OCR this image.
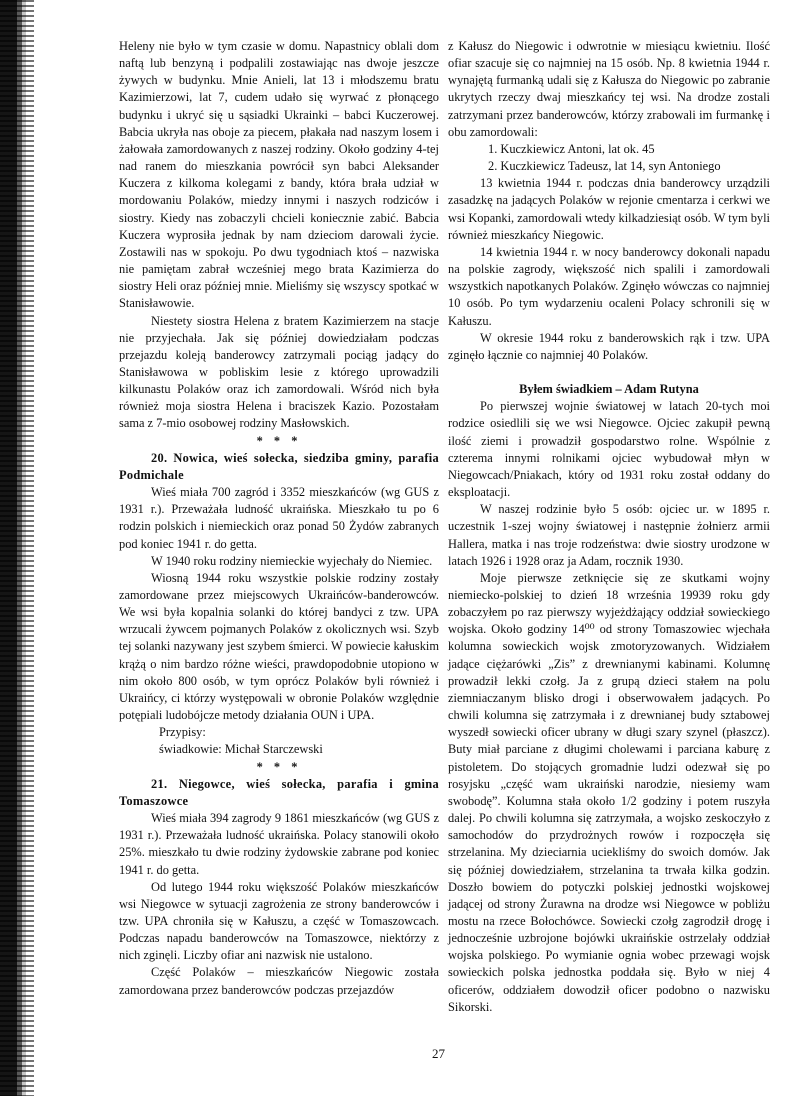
Heleny nie było w tym czasie w domu. Napastnicy oblali dom naftą lub benzyną i podpalili zostawiając nas dwoje jeszcze żywych w budynku. Mnie Anieli, lat 13 i młodszemu bratu Kazimierzowi, lat 7, cudem udało się wyrwać z płonącego budynku i ukryć się u sąsiadki Ukrainki – babci Kuczerowej. Babcia ukryła nas oboje za piecem, płakała nad naszym losem i żałowała zamordowanych z naszej rodziny. Około godziny 4-tej nad ranem do mieszkania powrócił syn babci Aleksander Kuczera z kilkoma kolegami z bandy, która brała udział w mordowaniu Polaków, miedzy innymi i naszych rodziców i siostry. Kiedy nas zobaczyli chcieli koniecznie zabić. Babcia Kuczera wyprosiła jednak by nam dzieciom darowali życie. Zostawili nas w spokoju. Po dwu tygodniach ktoś – nazwiska nie pamiętam zabrał wcześniej mego brata Kazimierza do siostry Heli oraz później mnie. Mieliśmy się wszyscy spotkać w Stanisławowie.

Niestety siostra Helena z bratem Kazimierzem na stacje nie przyjechała. Jak się później dowiedziałam podczas przejazdu koleją banderowcy zatrzymali pociąg jadący do Stanisławowa w pobliskim lesie z którego uprowadzili kilkunastu Polaków oraz ich zamordowali. Wśród nich była również moja siostra Helena i braciszek Kazio. Pozostałam sama z 7-mio osobowej rodziny Masłowskich.

* * *

20. Nowica, wieś sołecka, siedziba gminy, parafia Podmichale

Wieś miała 700 zagród i 3352 mieszkańców (wg GUS z 1931 r.). Przeważała ludność ukraińska. Mieszkało tu po 6 rodzin polskich i niemieckich oraz ponad 50 Żydów zabranych pod koniec 1941 r. do getta.

W 1940 roku rodziny niemieckie wyjechały do Niemiec.

Wiosną 1944 roku wszystkie polskie rodziny zostały zamordowane przez miejscowych Ukraińców-banderowców. We wsi była kopalnia solanki do której bandyci z tzw. UPA wrzucali żywcem pojmanych Polaków z okolicznych wsi. Szyb tej solanki nazywany jest szybem śmierci. W powiecie kałuskim krążą o nim bardzo różne wieści, prawdopodobnie utopiono w nim około 800 osób, w tym oprócz Polaków byli również i Ukraińcy, ci którzy występowali w obronie Polaków względnie potępiali ludobójcze metody działania OUN i UPA.

Przypisy:

świadkowie: Michał Starczewski

* * *

21. Niegowce, wieś sołecka, parafia i gmina Tomaszowce

Wieś miała 394 zagrody 9 1861 mieszkańców (wg GUS z 1931 r.). Przeważała ludność ukraińska. Polacy stanowili około 25%. mieszkało tu dwie rodziny żydowskie zabrane pod koniec 1941 r. do getta.

Od lutego 1944 roku większość Polaków mieszkańców wsi Niegowce w sytuacji zagrożenia ze strony banderowców i tzw. UPA chroniła się w Kałuszu, a część w Tomaszowcach. Podczas napadu banderowców na Tomaszowce, niektórzy z nich zginęli. Liczby ofiar ani nazwisk nie ustalono.

Część Polaków – mieszkańców Niegowic została zamordowana przez banderowców podczas przejazdów

z Kałusz do Niegowic i odwrotnie w miesiącu kwietniu. Ilość ofiar szacuje się co najmniej na 15 osób. Np. 8 kwietnia 1944 r. wynajętą furmanką udali się z Kałusza do Niegowic po zabranie ukrytych rzeczy dwaj mieszkańcy tej wsi. Na drodze zostali zatrzymani przez banderowców, którzy zrabowali im furmankę i obu zamordowali:

1. Kuczkiewicz Antoni, lat ok. 45

2. Kuczkiewicz Tadeusz, lat 14, syn Antoniego

13 kwietnia 1944 r. podczas dnia banderowcy urządzili zasadzkę na jadących Polaków w rejonie cmentarza i cerkwi we wsi Kopanki, zamordowali wtedy kilkadziesiąt osób. W tym byli również mieszkańcy Niegowic.

14 kwietnia 1944 r. w nocy banderowcy dokonali napadu na polskie zagrody, większość nich spalili i zamordowali wszystkich napotkanych Polaków. Zginęło wówczas co najmniej 10 osób. Po tym wydarzeniu ocaleni Polacy schronili się w Kałuszu.

W okresie 1944 roku z banderowskich rąk i tzw. UPA zginęło łącznie co najmniej 40 Polaków.

Byłem świadkiem – Adam Rutyna

Po pierwszej wojnie światowej w latach 20-tych moi rodzice osiedlili się we wsi Niegowce. Ojciec zakupił pewną ilość ziemi i prowadził gospodarstwo rolne. Wspólnie z czterema innymi rolnikami ojciec wybudował młyn w Niegowcach/Pniakach, który od 1931 roku został oddany do eksploatacji.

W naszej rodzinie było 5 osób: ojciec ur. w 1895 r. uczestnik 1-szej wojny światowej i następnie żołnierz armii Hallera, matka i nas troje rodzeństwa: dwie siostry urodzone w latach 1926 i 1928 oraz ja Adam, rocznik 1930.

Moje pierwsze zetknięcie się ze skutkami wojny niemiecko-polskiej to dzień 18 września 19939 roku gdy zobaczyłem po raz pierwszy wyjeżdżający oddział sowieckiego wojska. Około godziny 14⁰⁰ od strony Tomaszowiec wjechała kolumna sowieckich wojsk zmotoryzowanych. Widziałem jadące ciężarówki „Zis” z drewnianymi kabinami. Kolumnę prowadził lekki czołg. Ja z grupą dzieci stałem na polu ziemniaczanym blisko drogi i obserwowałem jadących. Po chwili kolumna się zatrzymała i z drewnianej budy sztabowej wyszedł sowiecki oficer ubrany w długi szary szynel (płaszcz). Buty miał parciane z długimi cholewami i parciana kaburę z pistoletem. Do stojących gromadnie ludzi odezwał się po rosyjsku „część wam ukraiński narodzie, niesiemy wam swobodę”. Kolumna stała około 1/2 godziny i potem ruszyła dalej. Po chwili kolumna się zatrzymała, a wojsko zeskoczyło z samochodów do przydrożnych rowów i rozpoczęła się strzelanina. My dzieciarnia uciekliśmy do swoich domów. Jak się później dowiedziałem, strzelanina ta trwała kilka godzin. Doszło bowiem do potyczki polskiej jednostki wojskowej jadącej od strony Żurawna na drodze wsi Niegowce w pobliżu mostu na rzece Bołochówce. Sowiecki czołg zagrodził drogę i jednocześnie uzbrojone bojówki ukraińskie ostrzelały oddział wojska polskiego. Po wymianie ognia wobec przewagi wojsk sowieckich polska jednostka poddała się. Było w niej 4 oficerów, oddziałem dowodził oficer podobno o nazwisku Sikorski.

27
